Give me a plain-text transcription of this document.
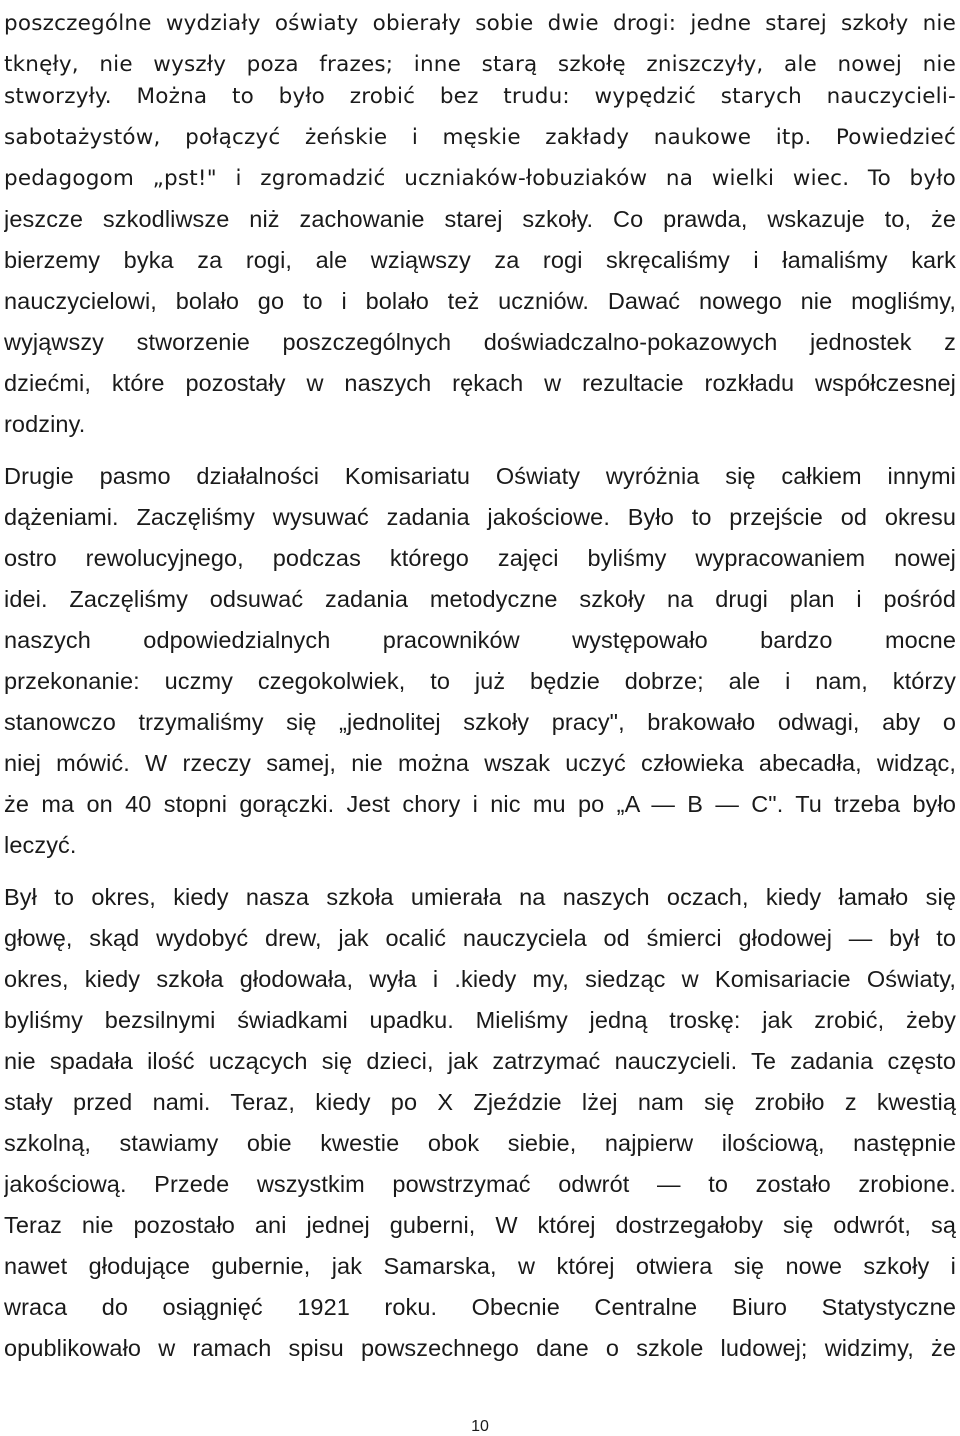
poszczególne wydziały oświaty obierały sobie dwie drogi: jedne starej szkoły nie
tknęły, nie wyszły poza frazes; inne starą szkołę zniszczyły, ale nowej nie
stworzyły. Można to było zrobić bez trudu: wypędzić starych nauczycieli-
sabotażystów, połączyć żeńskie i męskie zakłady naukowe itp. Powiedzieć
pedagogom „pst!" i zgromadzić uczniaków-łobuziaków na wielki wiec. To było
jeszcze szkodliwsze niż zachowanie starej szkoły. Co prawda, wskazuje to, że
bierzemy byka za rogi, ale wziąwszy za rogi skręcaliśmy i łamaliśmy kark
nauczycielowi, bolało go to i bolało też uczniów. Dawać nowego nie mogliśmy,
wyjąwszy stworzenie poszczególnych doświadczalno-pokazowych jednostek z
dziećmi, które pozostały w naszych rękach w rezultacie rozkładu współczesnej
rodziny.
Drugie pasmo działalności Komisariatu Oświaty wyróżnia się całkiem innymi
dążeniami. Zaczęliśmy wysuwać zadania jakościowe. Było to przejście od okresu
ostro rewolucyjnego, podczas którego zajęci byliśmy wypracowaniem nowej
idei. Zaczęliśmy odsuwać zadania metodyczne szkoły na drugi plan i pośród
naszych odpowiedzialnych pracowników występowało bardzo mocne
przekonanie: uczmy czegokolwiek, to już będzie dobrze; ale i nam, którzy
stanowczo trzymaliśmy się „jednolitej szkoły pracy", brakowało odwagi, aby o
niej mówić. W rzeczy samej, nie można wszak uczyć człowieka abecadła, widząc,
że ma on 40 stopni gorączki. Jest chory i nic mu po „A — B — C". Tu trzeba było
leczyć.
Był to okres, kiedy nasza szkoła umierała na naszych oczach, kiedy łamało się
głowę, skąd wydobyć drew, jak ocalić nauczyciela od śmierci głodowej — był to
okres, kiedy szkoła głodowała, wyła i .kiedy my, siedząc w Komisariacie Oświaty,
byliśmy bezsilnymi świadkami upadku. Mieliśmy jedną troskę: jak zrobić, żeby
nie spadała ilość uczących się dzieci, jak zatrzymać nauczycieli. Te zadania często
stały przed nami. Teraz, kiedy po X Zjeździe lżej nam się zrobiło z kwestią
szkolną, stawiamy obie kwestie obok siebie, najpierw ilościową, następnie
jakościową. Przede wszystkim powstrzymać odwrót — to zostało zrobione.
Teraz nie pozostało ani jednej guberni, W której dostrzegałoby się odwrót, są
nawet głodujące gubernie, jak Samarska, w której otwiera się nowe szkoły i
wraca do osiągnięć 1921 roku. Obecnie Centralne Biuro Statystyczne
opublikowało w ramach spisu powszechnego dane o szkole ludowej; widzimy, że
10
